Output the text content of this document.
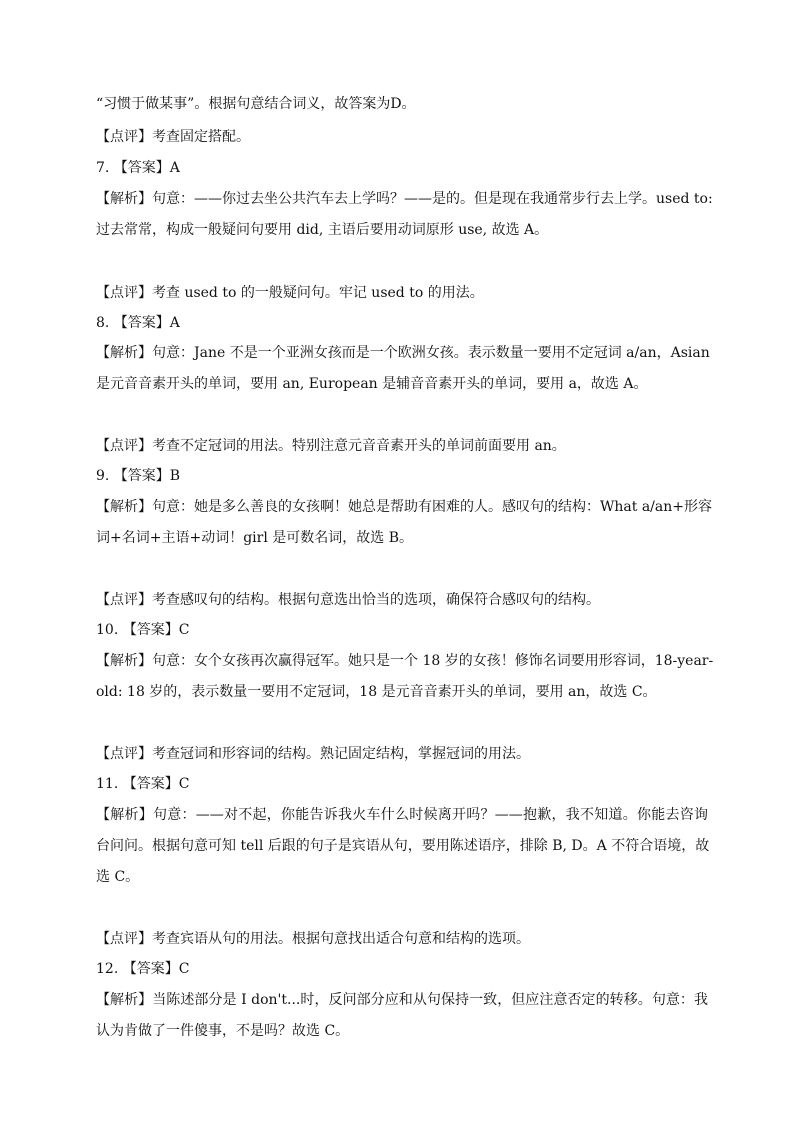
“习惯于做某事”。根据句意结合词义，故答案为D。
【点评】考查固定搭配。
7. 【答案】A
【解析】句意：——你过去坐公共汽车去上学吗？——是的。但是现在我通常步行去上学。used to:
过去常常，构成一般疑问句要用 did, 主语后要用动词原形 use, 故选 A。
【点评】考查 used to 的一般疑问句。牢记 used to 的用法。
8. 【答案】A
【解析】句意：Jane 不是一个亚洲女孩而是一个欧洲女孩。表示数量一要用不定冠词 a/an，Asian
是元音音素开头的单词，要用 an, European 是辅音音素开头的单词，要用 a，故选 A。
【点评】考查不定冠词的用法。特别注意元音音素开头的单词前面要用 an。
9. 【答案】B
【解析】句意：她是多么善良的女孩啊！她总是帮助有困难的人。感叹句的结构：What a/an+形容
词+名词+主语+动词！girl 是可数名词，故选 B。
【点评】考查感叹句的结构。根据句意选出恰当的选项，确保符合感叹句的结构。
10. 【答案】C
【解析】句意：女个女孩再次赢得冠军。她只是一个 18 岁的女孩！修饰名词要用形容词，18-year-
old: 18 岁的，表示数量一要用不定冠词，18 是元音音素开头的单词，要用 an，故选 C。
【点评】考查冠词和形容词的结构。熟记固定结构，掌握冠词的用法。
11. 【答案】C
【解析】句意：——对不起，你能告诉我火车什么时候离开吗？——抱歉，我不知道。你能去咨询
台问问。根据句意可知 tell 后跟的句子是宾语从句，要用陈述语序，排除 B, D。A 不符合语境，故
选 C。
【点评】考查宾语从句的用法。根据句意找出适合句意和结构的选项。
12. 【答案】C
【解析】当陈述部分是 I don't...时，反问部分应和从句保持一致，但应注意否定的转移。句意：我
认为肯做了一件傻事，不是吗？故选 C。
